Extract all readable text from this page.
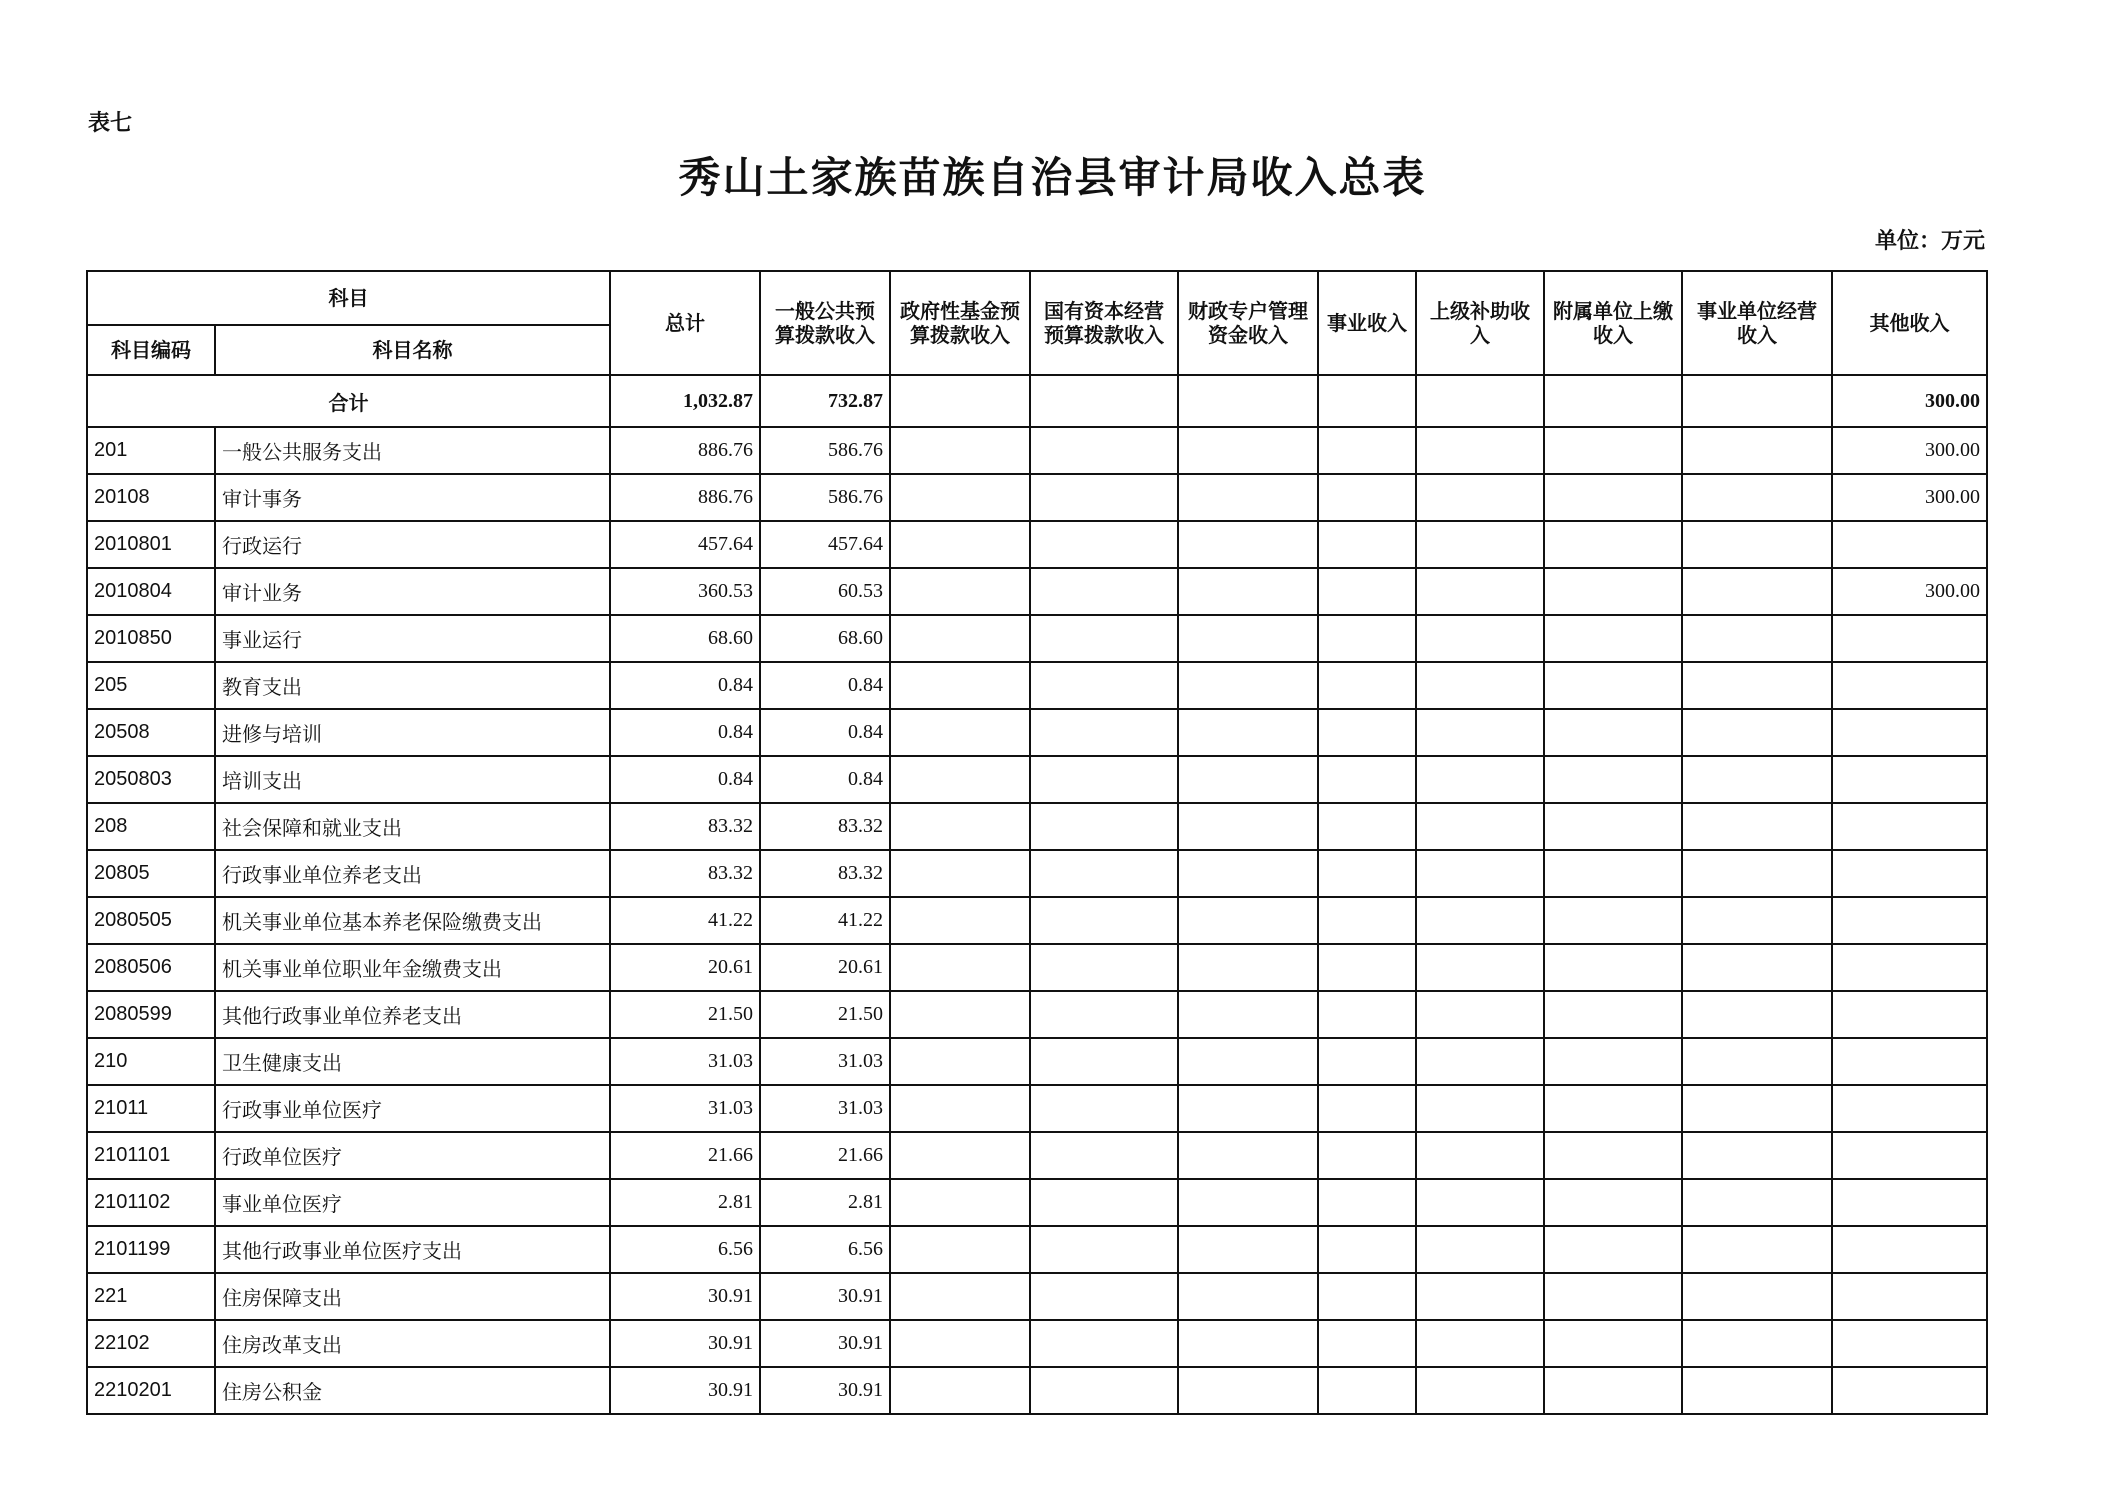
表七
秀山土家族苗族自治县审计局收入总表
单位：万元
科目		总计	一般公共预算拨款收入	政府性基金预算拨款收入	国有资本经营预算拨款收入	财政专户管理资金收入	事业收入	上级补助收入	附属单位上缴收入	事业单位经营收入	其他收入
科目编码	科目名称										
合计		1,032.87	732.87								300.00
201	一般公共服务支出	886.76	586.76								300.00
20108	审计事务	886.76	586.76								300.00
2010801	行政运行	457.64	457.64								
2010804	审计业务	360.53	60.53								300.00
2010850	事业运行	68.60	68.60								
205	教育支出	0.84	0.84								
20508	进修与培训	0.84	0.84								
2050803	培训支出	0.84	0.84								
208	社会保障和就业支出	83.32	83.32								
20805	行政事业单位养老支出	83.32	83.32								
2080505	机关事业单位基本养老保险缴费支出	41.22	41.22								
2080506	机关事业单位职业年金缴费支出	20.61	20.61								
2080599	其他行政事业单位养老支出	21.50	21.50								
210	卫生健康支出	31.03	31.03								
21011	行政事业单位医疗	31.03	31.03								
2101101	行政单位医疗	21.66	21.66								
2101102	事业单位医疗	2.81	2.81								
2101199	其他行政事业单位医疗支出	6.56	6.56								
221	住房保障支出	30.91	30.91								
22102	住房改革支出	30.91	30.91								
2210201	住房公积金	30.91	30.91								
